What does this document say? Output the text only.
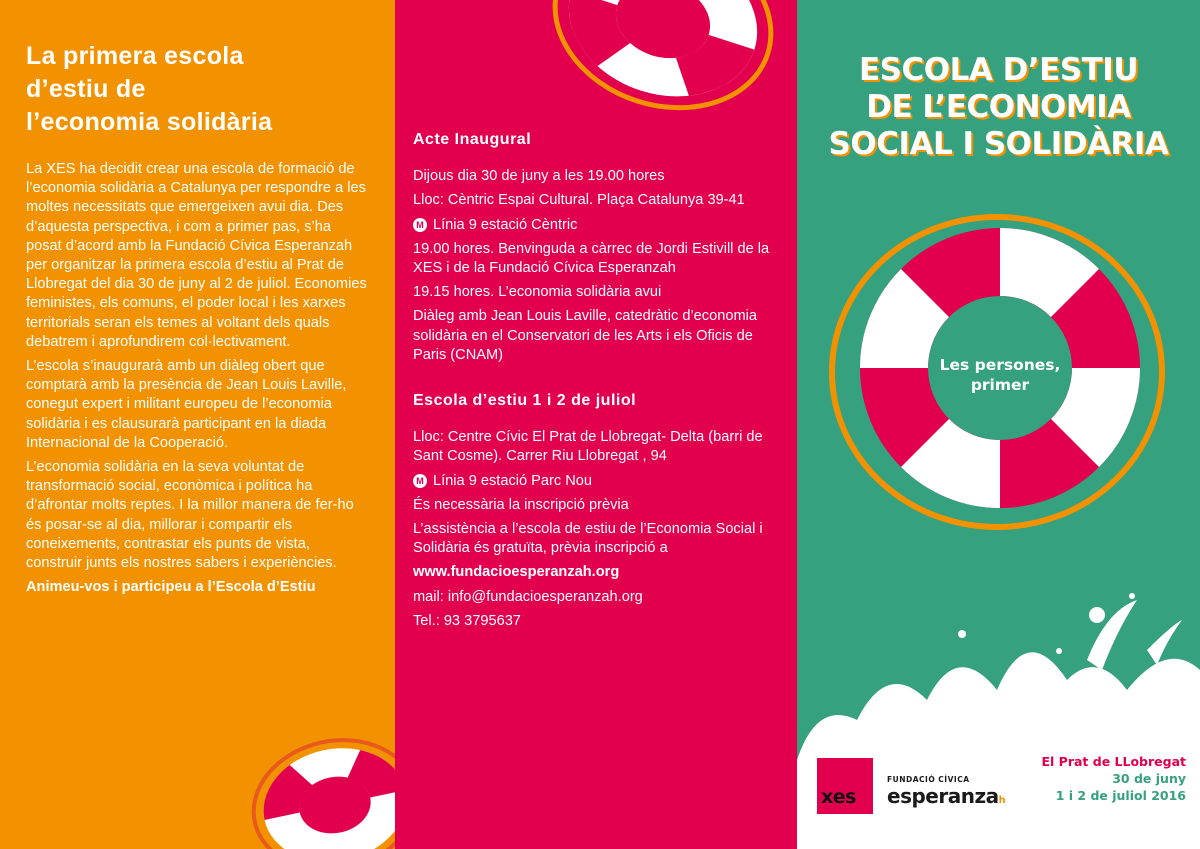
La primera escola
d’estiu de
l’economia solidària

La XES ha decidit crear una escola de formació de l’economia solidària a Catalunya per respondre a les moltes necessitats que emergeixen avui dia. Des d’aquesta perspectiva, i com a primer pas, s’ha posat d’acord amb la Fundació Cívica Esperanzah per organitzar la primera escola d’estiu al Prat de Llobregat del dia 30 de juny al 2 de juliol. Economies feministes, els comuns, el poder local i les xarxes territorials seran els temes al voltant dels quals debatrem i aprofundirem col·lectivament.

L’escola s’inaugurarà amb un diàleg obert que comptarà amb la presència de Jean Louis Laville, conegut expert i militant europeu de l’economia solidària i es clausurarà participant en la diada Internacional de la Cooperació.

L’economia solidària en la seva voluntat de transformació social, econòmica i política ha d’afrontar molts reptes. I la millor manera de fer-ho és posar-se al dia, millorar i compartir els coneixements, contrastar els punts de vista, construir junts els nostres sabers i experiències.

Animeu-vos i participeu a l’Escola d’Estiu

Acte Inaugural

Dijous dia 30 de juny a les 19.00 hores

Lloc: Cèntric Espai Cultural. Plaça Catalunya 39-41

M Línia 9 estació Cèntric

19.00 hores. Benvinguda a càrrec de Jordi Estivill de la XES i de la Fundació Cívica Esperanzah

19.15 hores. L’economia solidària avui

Diàleg amb Jean Louis Laville, catedràtic d’economia solidària en el Conservatori de les Arts i els Oficis de Paris (CNAM)

Escola d’estiu 1 i 2 de juliol

Lloc: Centre Cívic El Prat de Llobregat- Delta (barri de Sant Cosme). Carrer Riu Llobregat , 94

M Línia 9 estació Parc Nou

És necessària la inscripció prèvia

L’assistència a l’escola de estiu de l’Economia Social i Solidària és gratuïta, prèvia inscripció a

www.fundacioesperanzah.org

mail: info@fundacioesperanzah.org

Tel.: 93 3795637

ESCOLA D’ESTIU
DE L’ECONOMIA
SOCIAL I SOLIDÀRIA
Les persones,
primer
xes
FUNDACIÓ CÍVICA
esperanzah
El Prat de LLobregat
30 de juny
1 i 2 de juliol 2016
